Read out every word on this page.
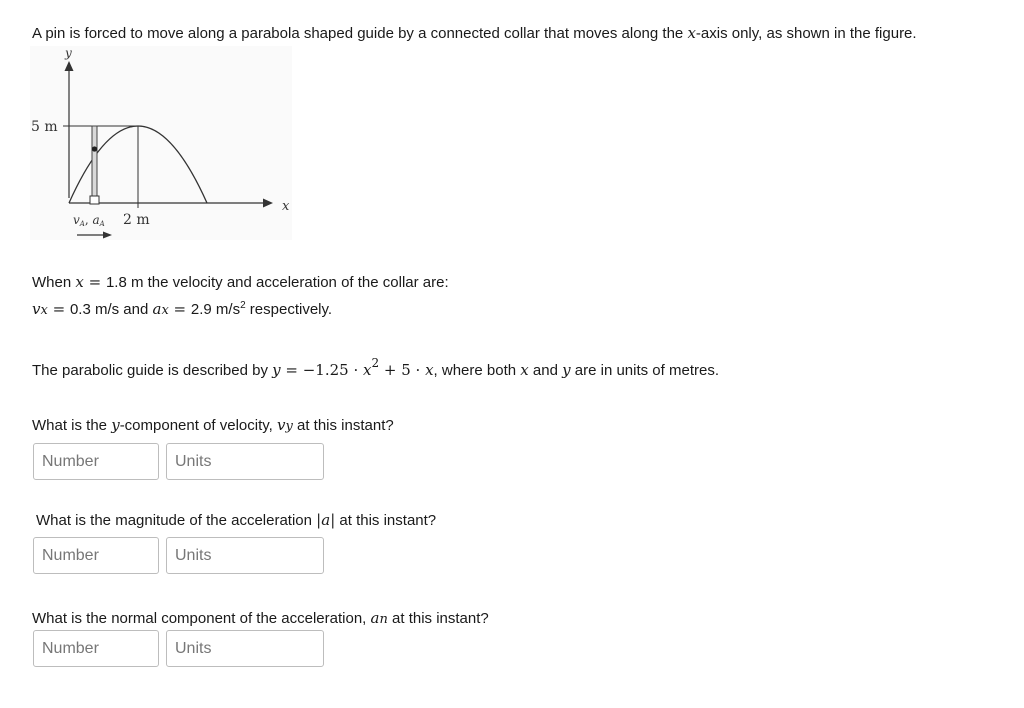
A pin is forced to move along a parabola shaped guide by a connected collar that moves along the x-axis only, as shown in the figure.
y
x
5 m
2 m
vA, aA
When x = 1.8 m the velocity and acceleration of the collar are:
vx = 0.3 m/s and ax = 2.9 $m/s^2$ respectively.
The parabolic guide is described by $y = -1.25 \cdot x^2 + 5 \cdot x$, where both x and y are in units of metres.
What is the y-component of velocity, vy at this instant?
Number
Units
What is the magnitude of the acceleration |a| at this instant?
Number
Units
What is the normal component of the acceleration, an at this instant?
Number
Units
